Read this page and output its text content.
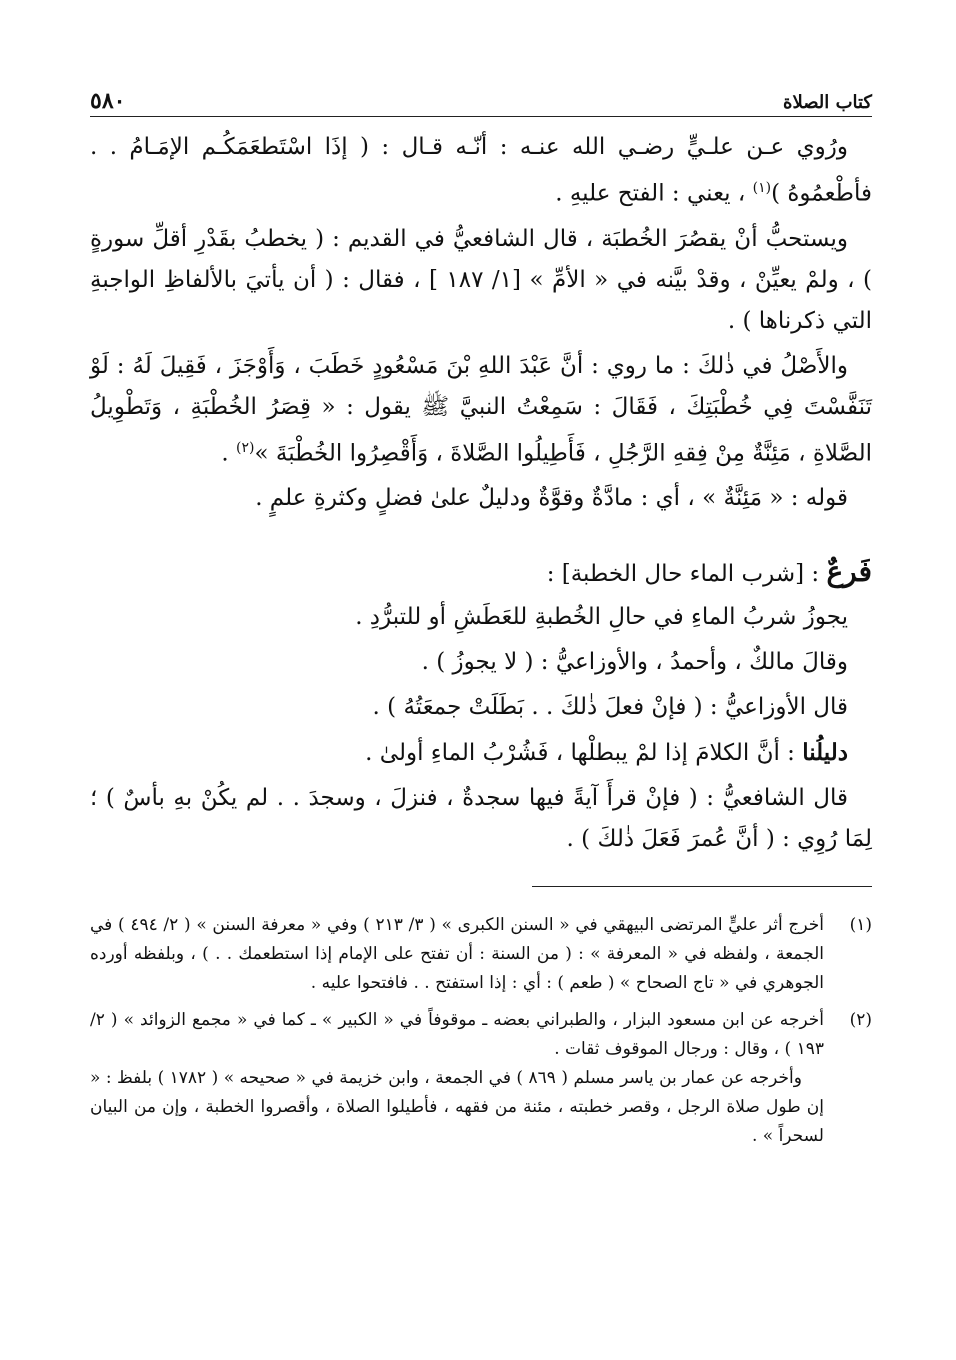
كتاب الصلاة
٥٨٠

ورُوي عـن علـيٍّ رضـي الله عنـه : أنّـه قـال : ( إذَا اسْتَطعَمَكُـم الإمَـامُ . . فأطْعمُوهُ )$^{(١)}$ ، يعني : الفتح عليهِ .

ويستحبُّ أنْ يقصُرَ الخُطبَة ، قال الشافعيُّ في القديم : ( يخطبُ بقَدْرِ أقلِّ سورةٍ ) ، ولمْ يعيِّنْ ، وقدْ بيَّنه في « الأمِّ » [١/ ١٨٧ ] ، فقال : ( أن يأتيَ بالألفاظِ الواجبةِ التي ذكرناها ) .

والأَصْلُ في ذٰلكَ : ما روي : أنَّ عَبْدَ اللهِ بْنَ مَسْعُودٍ خَطَبَ ، وَأَوْجَزَ ، فَقِيلَ لَهُ : لَوْ تَنَفَّسْتَ فِي خُطْبَتِكَ ، فَقَالَ : سَمِعْتُ النبيَّ ﷺ يقول : « قِصَرُ الخُطْبَةِ ، وَتَطْوِيلُ الصَّلاةِ ، مَئِنَّةٌ مِنْ فِقهِ الرَّجُلِ ، فَأَطِيلُوا الصَّلاةَ ، وَأَقْصِرُوا الخُطْبَةَ »$^{(٢)}$ .

قوله : « مَئِنَّةٌ » ، أي : مادَّةٌ وقوَّةٌ ودليلٌ علىٰ فضلٍ وكثرةِ علمٍ .

فَرعٌ : [شرب الماء حال الخطبة] :

يجوزُ شربُ الماءِ في حالِ الخُطبةِ للعَطَشِ أو للتبرُّدِ .

وقالَ مالكٌ ، وأحمدُ ، والأوزاعيُّ : ( لا يجوزُ ) .

قال الأوزاعيُّ : ( فإنْ فعلَ ذٰلكَ . . بَطَلَتْ جمعَتُهُ ) .

دليلُنا : أنَّ الكلامَ إذا لمْ يبطلْها ، فَشُرْبُ الماءِ أولىٰ .

قال الشافعيُّ : ( فإنْ قرأَ آيةً فيها سجدةٌ ، فنزلَ ، وسجدَ . . لم يكُنْ بهِ بأسٌ ) ؛ لِمَا رُوِي : ( أنَّ عُمرَ فَعَلَ ذٰلكَ ) .

(١)
أخرج أثر عليٍّ المرتضى البيهقي في « السنن الكبرى » ( ٣/ ٢١٣ ) وفي « معرفة السنن » ( ٢/ ٤٩٤ ) في الجمعة ، ولفظه في « المعرفة » : ( من السنة : أن تفتح على الإمام إذا استطعمك . . ) ، وبلفظه أورده الجوهري في « تاج الصحاح » ( طعم ) : أي : إذا استفتح . . فافتحوا عليه .
(٢)
أخرجه عن ابن مسعود البزار ، والطبراني بعضه ـ موقوفاً في « الكبير » ـ كما في « مجمع الزوائد » ( ٢/ ١٩٣ ) ، وقال : ورجال الموقوف ثقات .
وأخرجه عن عمار بن ياسر مسلم ( ٨٦٩ ) في الجمعة ، وابن خزيمة في « صحيحه » ( ١٧٨٢ ) بلفظ : « إن طول صلاة الرجل ، وقصر خطبته ، مئنة من فقهه ، فأطيلوا الصلاة ، وأقصروا الخطبة ، وإن من البيان لسحراً » .
